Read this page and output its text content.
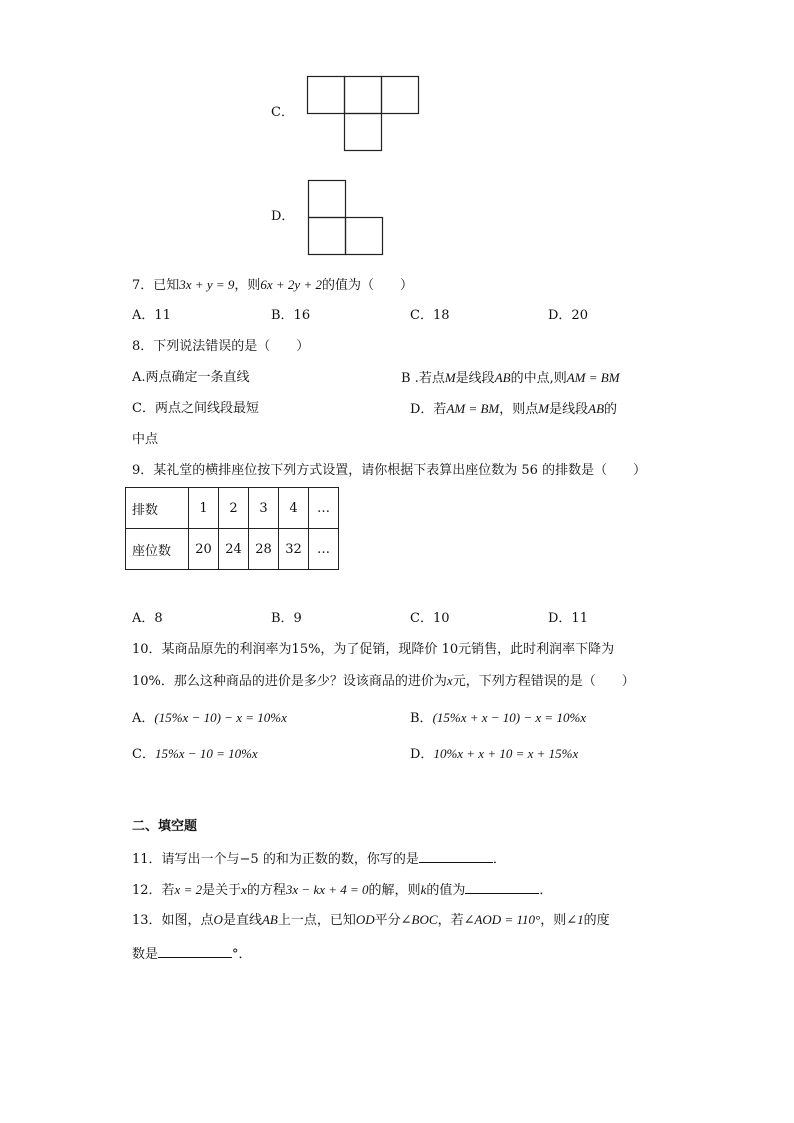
C．
D．
7．已知3x + y = 9，则6x + 2y + 2的值为（　　）
A．11	B．16	C．18	D．20
8．下列说法错误的是（　　）
A.两点确定一条直线	B .若点M是线段AB的中点,则AM = BM
C．两点之间线段最短	D．若AM = BM，则点M是线段AB的
中点
9．某礼堂的横排座位按下列方式设置，请你根据下表算出座位数为 56 的排数是（　　）
排数	1	2	3	4	…
座位数	20	24	28	32	…
A．8	B．9	C．10	D．11
10．某商品原先的利润率为15%，为了促销，现降价 10元销售，此时利润率下降为
10%．那么这种商品的进价是多少？设该商品的进价为x元，下列方程错误的是（　　）
A．(15%x − 10) − x = 10%x	B．(15%x + x − 10) − x = 10%x
C．15%x − 10 = 10%x	D．10%x + x + 10 = x + 15%x
二、填空题
11．请写出一个与−5 的和为正数的数，你写的是	．
12．若x = 2是关于x的方程3x − kx + 4 = 0的解，则k的值为	．
13．如图，点O是直线AB上一点，已知OD平分∠BOC，若∠AOD = 110°，则∠1的度
数是	°．
